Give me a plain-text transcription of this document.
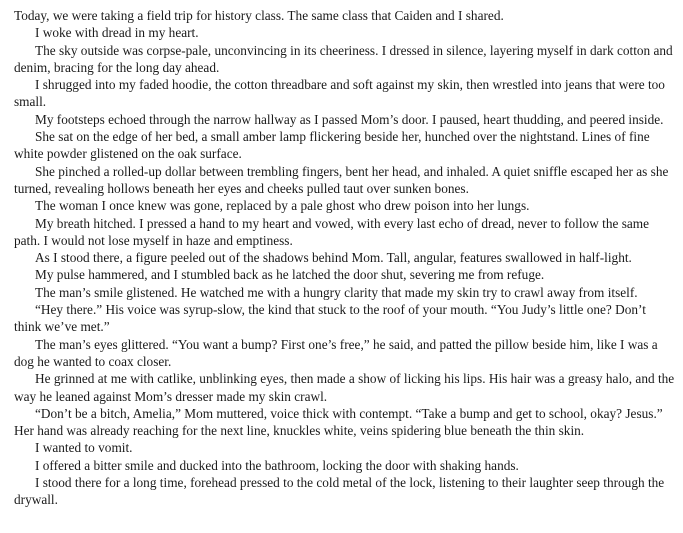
Today, we were taking a field trip for history class. The same class that Caiden and I shared.

I woke with dread in my heart.

The sky outside was corpse-pale, unconvincing in its cheeriness. I dressed in silence, layering myself in dark cotton and denim, bracing for the long day ahead.

I shrugged into my faded hoodie, the cotton threadbare and soft against my skin, then wrestled into jeans that were too small.

My footsteps echoed through the narrow hallway as I passed Mom’s door. I paused, heart thudding, and peered inside.

She sat on the edge of her bed, a small amber lamp flickering beside her, hunched over the nightstand. Lines of fine white powder glistened on the oak surface.

She pinched a rolled-up dollar between trembling fingers, bent her head, and inhaled. A quiet sniffle escaped her as she turned, revealing hollows beneath her eyes and cheeks pulled taut over sunken bones.

The woman I once knew was gone, replaced by a pale ghost who drew poison into her lungs.

My breath hitched. I pressed a hand to my heart and vowed, with every last echo of dread, never to follow the same path. I would not lose myself in haze and emptiness.

As I stood there, a figure peeled out of the shadows behind Mom. Tall, angular, features swallowed in half-light.

My pulse hammered, and I stumbled back as he latched the door shut, severing me from refuge.

The man’s smile glistened. He watched me with a hungry clarity that made my skin try to crawl away from itself.

“Hey there.” His voice was syrup-slow, the kind that stuck to the roof of your mouth. “You Judy’s little one? Don’t think we’ve met.”

The man’s eyes glittered. “You want a bump? First one’s free,” he said, and patted the pillow beside him, like I was a dog he wanted to coax closer.

He grinned at me with catlike, unblinking eyes, then made a show of licking his lips. His hair was a greasy halo, and the way he leaned against Mom’s dresser made my skin crawl.

“Don’t be a bitch, Amelia,” Mom muttered, voice thick with contempt. “Take a bump and get to school, okay? Jesus.” Her hand was already reaching for the next line, knuckles white, veins spidering blue beneath the thin skin.

I wanted to vomit.

I offered a bitter smile and ducked into the bathroom, locking the door with shaking hands.

I stood there for a long time, forehead pressed to the cold metal of the lock, listening to their laughter seep through the drywall.
